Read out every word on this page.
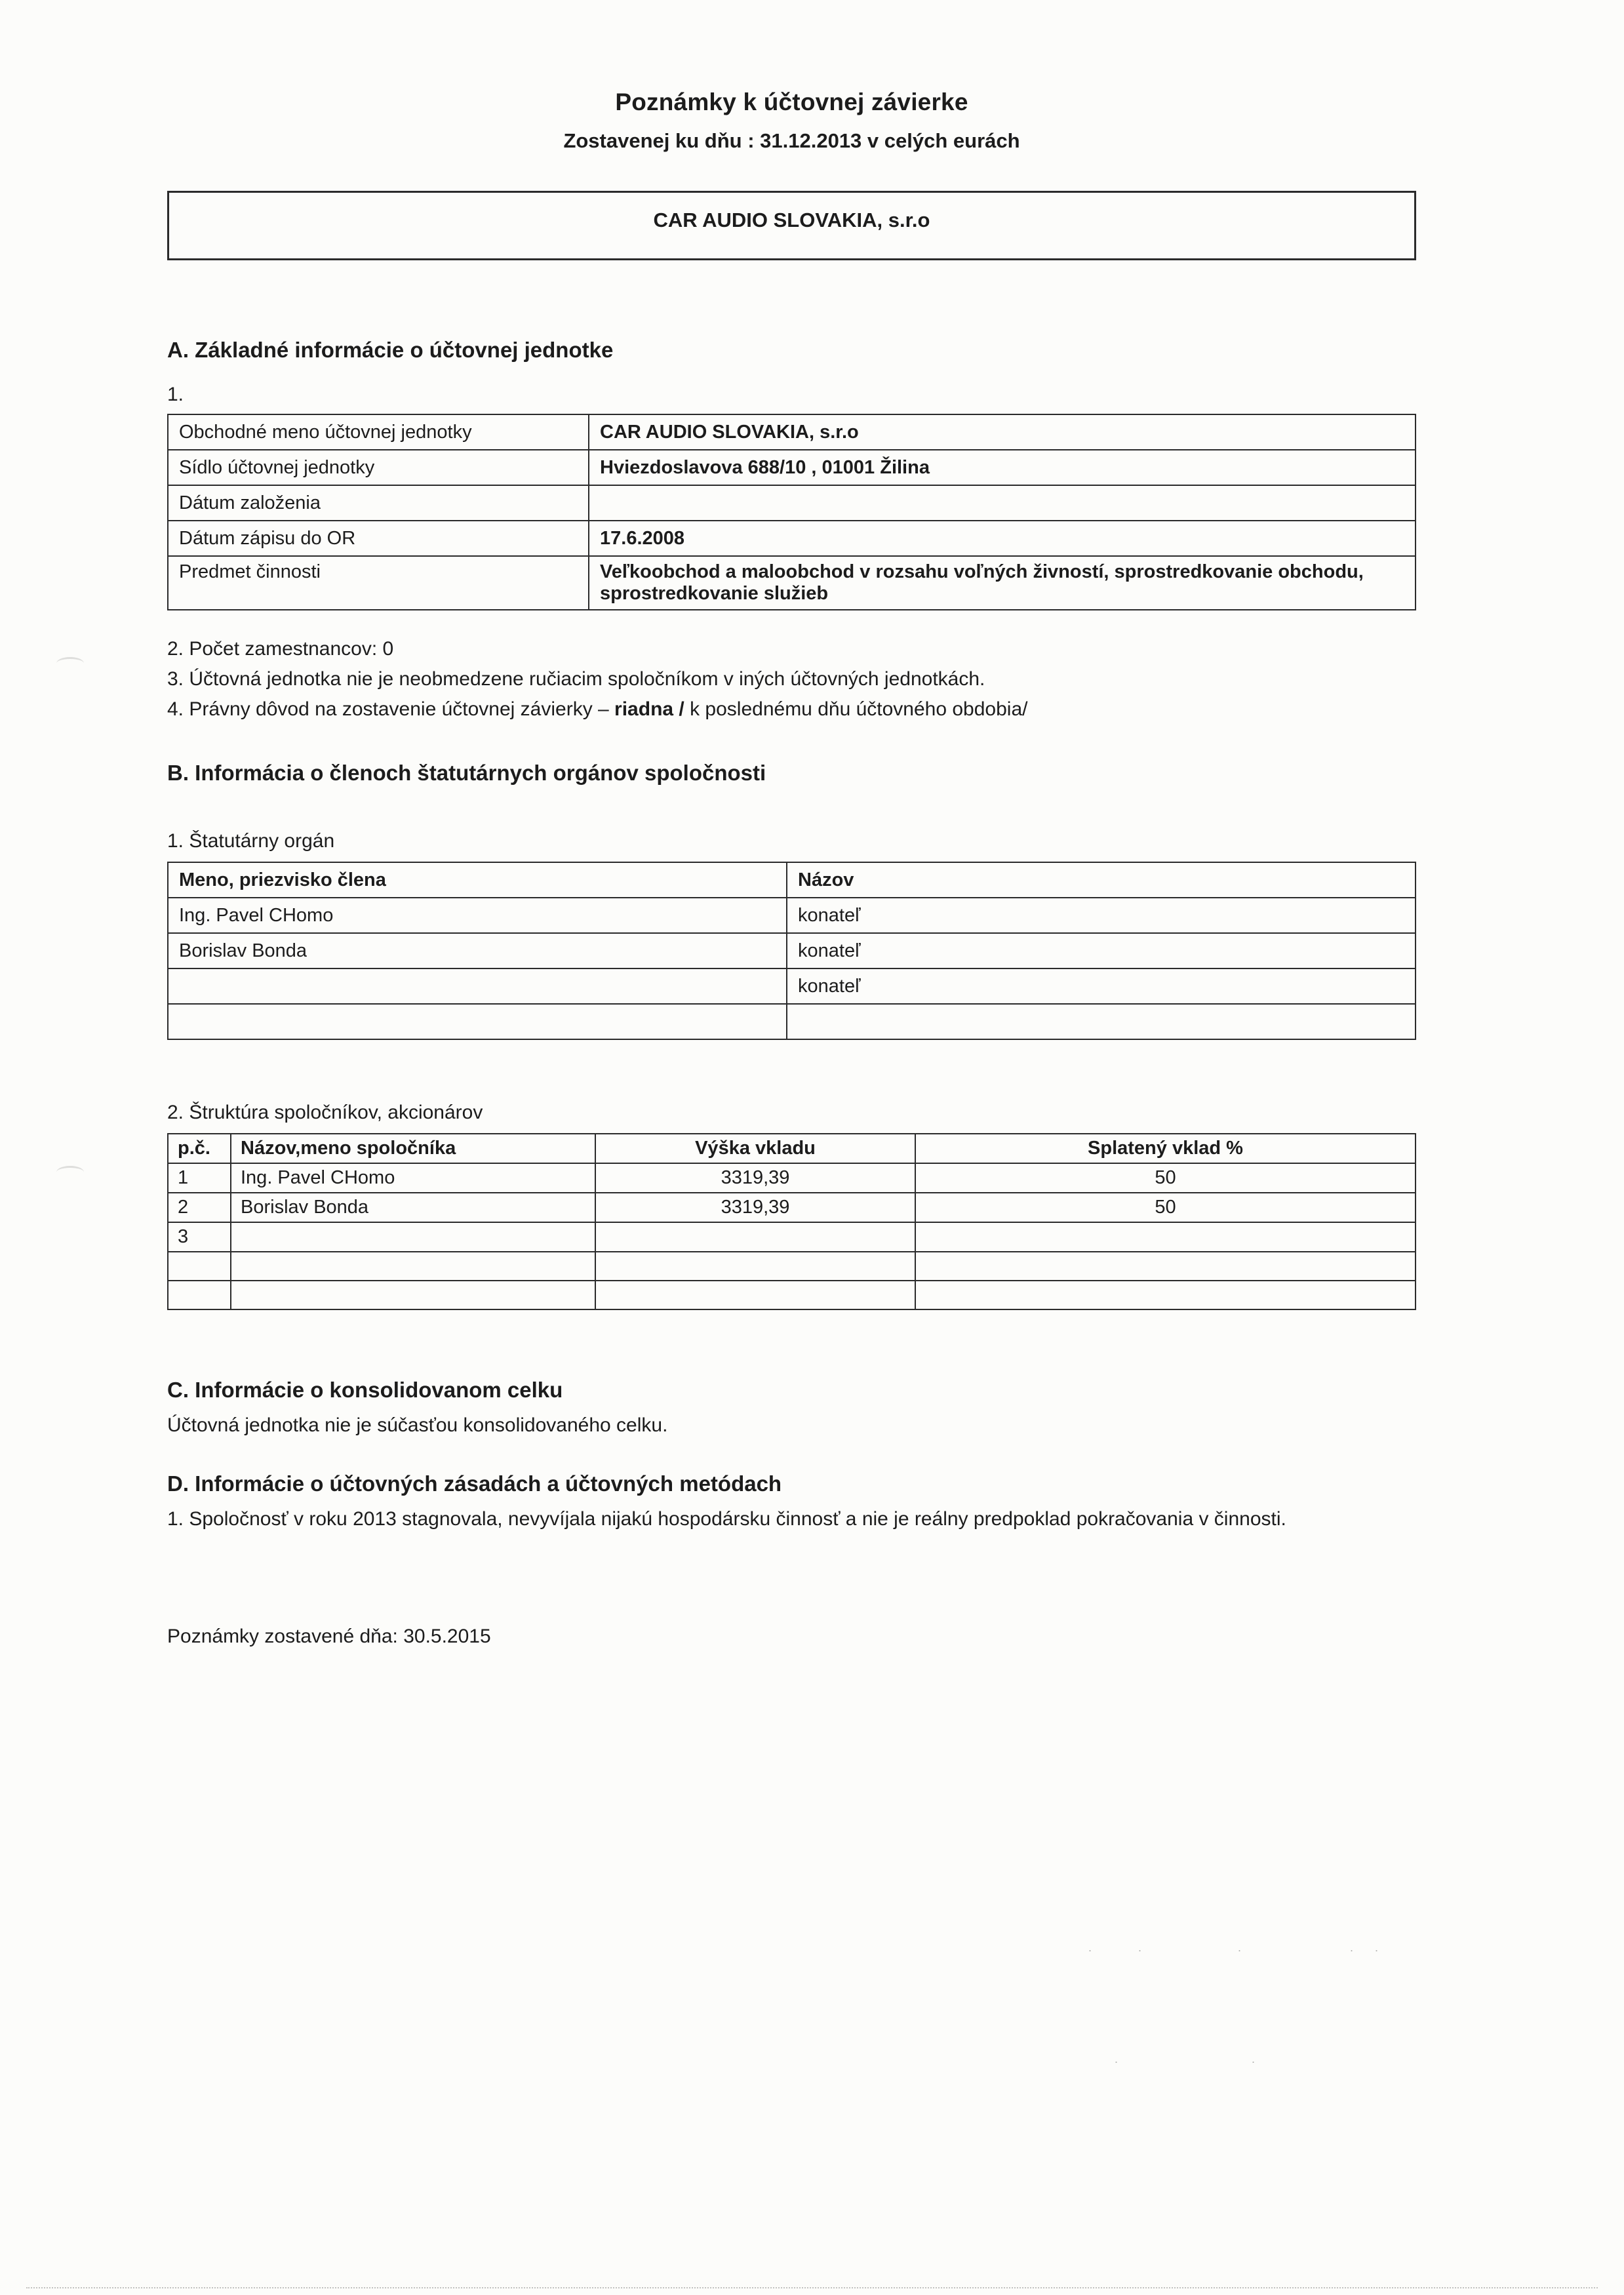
Poznámky k účtovnej závierke
Zostavenej ku dňu : 31.12.2013 v celých eurách
CAR AUDIO SLOVAKIA, s.r.o
A. Základné informácie o účtovnej jednotke
1.
Obchodné meno účtovnej jednotky	CAR AUDIO SLOVAKIA, s.r.o
Sídlo účtovnej jednotky	Hviezdoslavova 688/10 , 01001 Žilina
Dátum založenia	
Dátum zápisu do OR	17.6.2008
Predmet činnosti	Veľkoobchod a maloobchod v rozsahu voľných živností, sprostredkovanie obchodu, sprostredkovanie služieb
2. Počet zamestnancov: 0
3. Účtovná jednotka nie je neobmedzene ručiacim spoločníkom v iných účtovných jednotkách.
4. Právny dôvod na zostavenie účtovnej závierky – riadna / k poslednému dňu účtovného obdobia/
B. Informácia o členoch štatutárnych orgánov spoločnosti
1. Štatutárny orgán
Meno, priezvisko člena	Názov
Ing. Pavel CHomo	konateľ
Borislav Bonda	konateľ
	konateľ

2. Štruktúra spoločníkov, akcionárov
p.č.	Názov,meno spoločníka	Výška vkladu	Splatený vklad %
1	Ing. Pavel CHomo	3319,39	50
2	Borislav Bonda	3319,39	50
3			

C. Informácie o konsolidovanom celku
Účtovná jednotka nie je súčasťou konsolidovaného celku.
D. Informácie o účtovných zásadách a účtovných metódach
1. Spoločnosť v roku 2013 stagnovala, nevyvíjala nijakú hospodársku činnosť a nie je reálny predpoklad pokračovania v činnosti.
Poznámky zostavené dňa: 30.5.2015
.   .       .        . .
.          .
